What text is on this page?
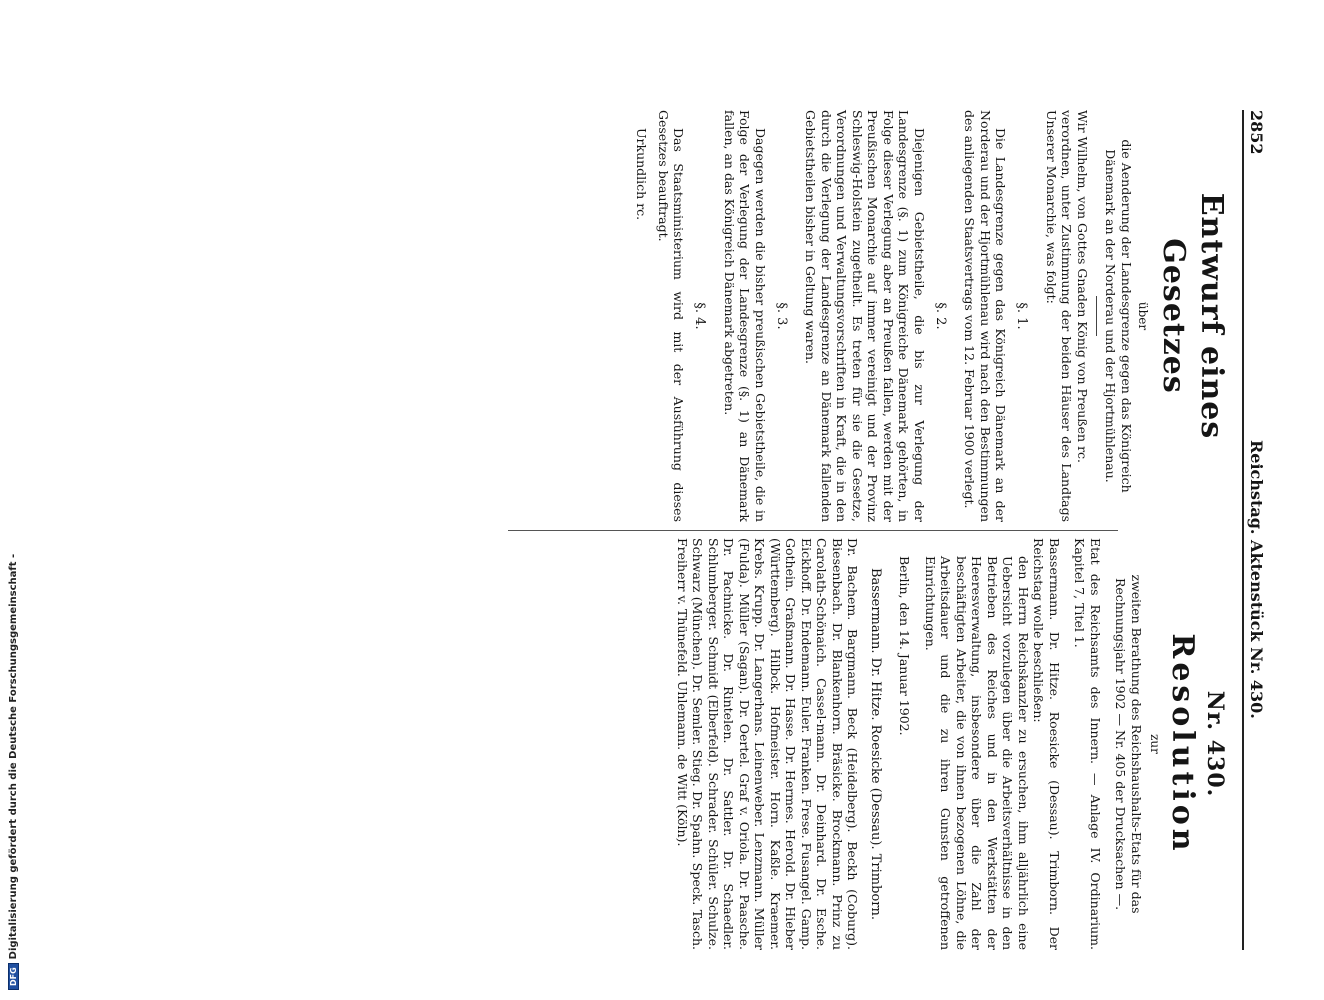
DFG
Digitalisierung gefördert durch die Deutsche Forschungsgemeinschaft -
2852
Reichstag. Aktenstück Nr. 430.
Entwurf eines Gesetzes
über

die Aenderung der Landesgrenze gegen das Königreich Dänemark an der Norderau und der Hjortmühlenau.

Wir Wilhelm, von Gottes Gnaden König von Preußen rc.

verordnen, unter Zustimmung der beiden Häuser des Landtags Unserer Monarchie, was folgt:

§. 1.

Die Landesgrenze gegen das Königreich Dänemark an der Norderau und der Hjortmühlenau wird nach den Bestimmungen des anliegenden Staatsvertrags vom 12. Februar 1900 verlegt.

§. 2.

Diejenigen Gebietstheile, die bis zur Verlegung der Landesgrenze (§. 1) zum Königreiche Dänemark gehörten, in Folge dieser Verlegung aber an Preußen fallen, werden mit der Preußischen Monarchie auf immer vereinigt und der Provinz Schleswig-Holstein zugetheilt. Es treten für sie die Gesetze, Verordnungen und Verwaltungsvorschriften in Kraft, die in den durch die Verlegung der Landesgrenze an Dänemark fallenden Gebietstheilen bisher in Geltung waren.

§. 3.

Dagegen werden die bisher preußischen Gebietstheile, die in Folge der Verlegung der Landesgrenze (§. 1) an Dänemark fallen, an das Königreich Dänemark abgetreten.

§. 4.

Das Staatsministerium wird mit der Ausführung dieses Gesetzes beauftragt.

Urkundlich rc.

Nr. 430.
Resolution
zur

zweiten Berathung des Reichshaushalts-Etats für das Rechnungsjahr 1902 — Nr. 405 der Drucksachen —.

Etat des Reichsamts des Innern. — Anlage IV. Ordinarium. Kapitel 7, Titel 1.

Bassermann. Dr. Hitze. Roesicke (Dessau). Trimborn. Der Reichstag wolle beschließen:

den Herrn Reichskanzler zu ersuchen, ihm alljährlich eine Uebersicht vorzulegen über die Arbeitsverhältnisse in den Betrieben des Reiches und in den Werkstätten der Heeresverwaltung, insbesondere über die Zahl der beschäftigten Arbeiter, die von ihnen bezogenen Löhne, die Arbeitsdauer und die zu ihren Gunsten getroffenen Einrichtungen.

Berlin, den 14. Januar 1902.
Bassermann. Dr. Hitze. Roesicke (Dessau). Trimborn.

Dr. Bachem. Bargmann. Beck (Heidelberg). Beckh (Coburg). Biesenbach. Dr. Blankenhorn. Bräsicke. Brockmann. Prinz zu Carolath-Schönaich. Cassel-mann. Dr. Deinhard. Dr. Esche. Eickhoff. Dr. Endemann. Euler. Franken. Frese. Fusangel. Gamp. Gothein. Graßmann. Dr. Hasse. Dr. Hermes. Herold. Dr. Hieber (Württemberg). Hilbck. Hofmeister. Horn. Kaßle. Kraemer. Krebs. Krupp. Dr. Langerhans. Leinenweber. Lenzmann. Müller (Fulda). Müller (Sagan). Dr. Oertel. Graf v. Oriola. Dr. Paasche. Dr. Pachnicke. Dr. Rintelen. Dr. Sattler. Dr. Schaedler. Schlumberger. Schmidt (Elberfeld). Schrader. Schüler. Schulze. Schwarz (München). Dr. Semler. Stieg. Dr. Spahn. Speck. Tasch. Freiherr v. Thünefeld. Uhlemann. de Witt (Köln).
